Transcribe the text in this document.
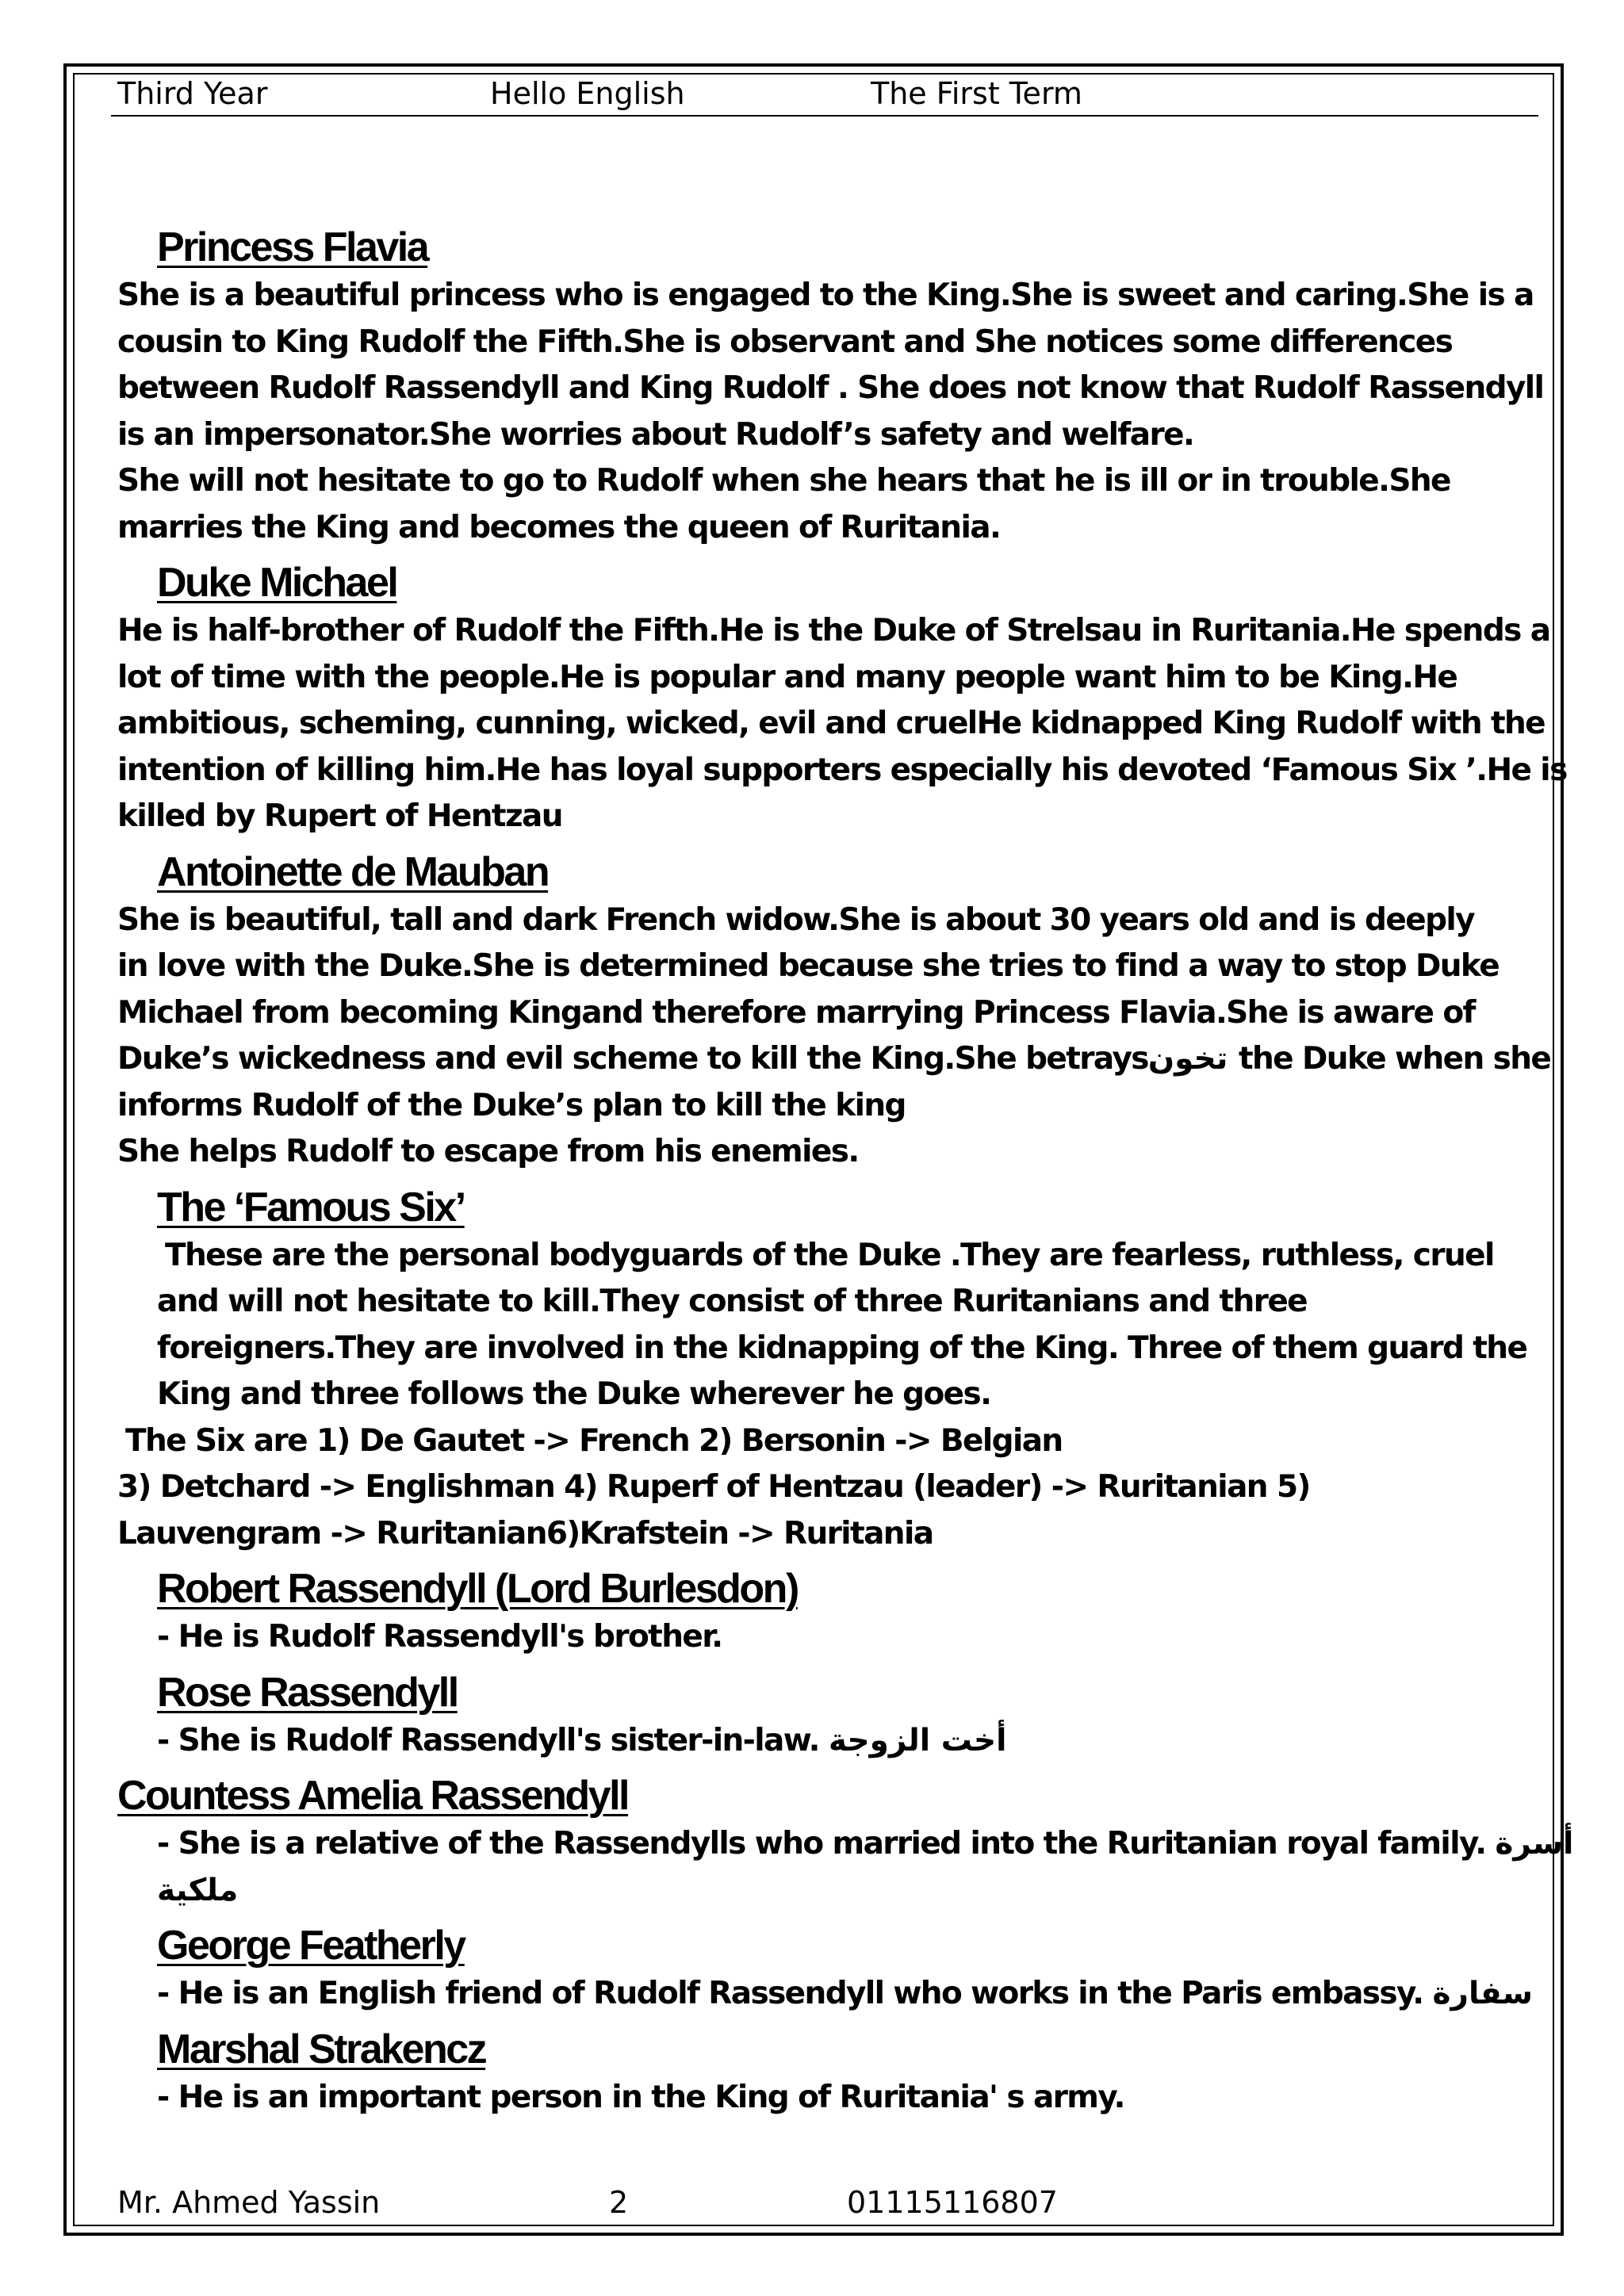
Third Year	Hello English	The First Term
Princess Flavia

She is a beautiful princess who is engaged to the King.She is sweet and caring.She is a

cousin to King Rudolf the Fifth.She is observant and She notices some differences

between Rudolf Rassendyll and King Rudolf . She does not know that Rudolf Rassendyll

is an impersonator.She worries about Rudolf’s safety and welfare.

She will not hesitate to go to Rudolf when she hears that he is ill or in trouble.She

marries the King and becomes the queen of Ruritania.

Duke Michael

He is half-brother of Rudolf the Fifth.He is the Duke of Strelsau in Ruritania.He spends a

lot of time with the people.He is popular and many people want him to be King.He

ambitious, scheming, cunning, wicked, evil and cruelHe kidnapped King Rudolf with the

intention of killing him.He has loyal supporters especially his devoted ‘Famous Six ’.He is

killed by Rupert of Hentzau

Antoinette de Mauban

She is beautiful, tall and dark French widow.She is about 30 years old and is deeply

in love with the Duke.She is determined because she tries to find a way to stop Duke

Michael from becoming Kingand therefore marrying Princess Flavia.She is aware of

Duke’s wickedness and evil scheme to kill the King.She betraysتخون the Duke when she

informs Rudolf of the Duke’s plan to kill the king

She helps Rudolf to escape from his enemies.

The ‘Famous Six’

These are the personal bodyguards of the Duke .They are fearless, ruthless, cruel

and will not hesitate to kill.They consist of three Ruritanians and three

foreigners.They are involved in the kidnapping of the King. Three of them guard the

King and three follows the Duke wherever he goes.

The Six are 1) De Gautet -> French 2) Bersonin -> Belgian

3) Detchard -> Englishman 4) Ruperf of Hentzau (leader) -> Ruritanian 5)

Lauvengram -> Ruritanian6)Krafstein -> Ruritania

Robert Rassendyll (Lord Burlesdon)

- He is Rudolf Rassendyll's brother.

Rose Rassendyll

- She is Rudolf Rassendyll's sister-in-law. أخت الزوجة

Countess Amelia Rassendyll

- She is a relative of the Rassendylls who married into the Ruritanian royal family. أسرة

ملكية

George Featherly

- He is an English friend of Rudolf Rassendyll who works in the Paris embassy. سفارة

Marshal Strakencz

- He is an important person in the King of Ruritania' s army.

Mr. Ahmed Yassin	2	01115116807
